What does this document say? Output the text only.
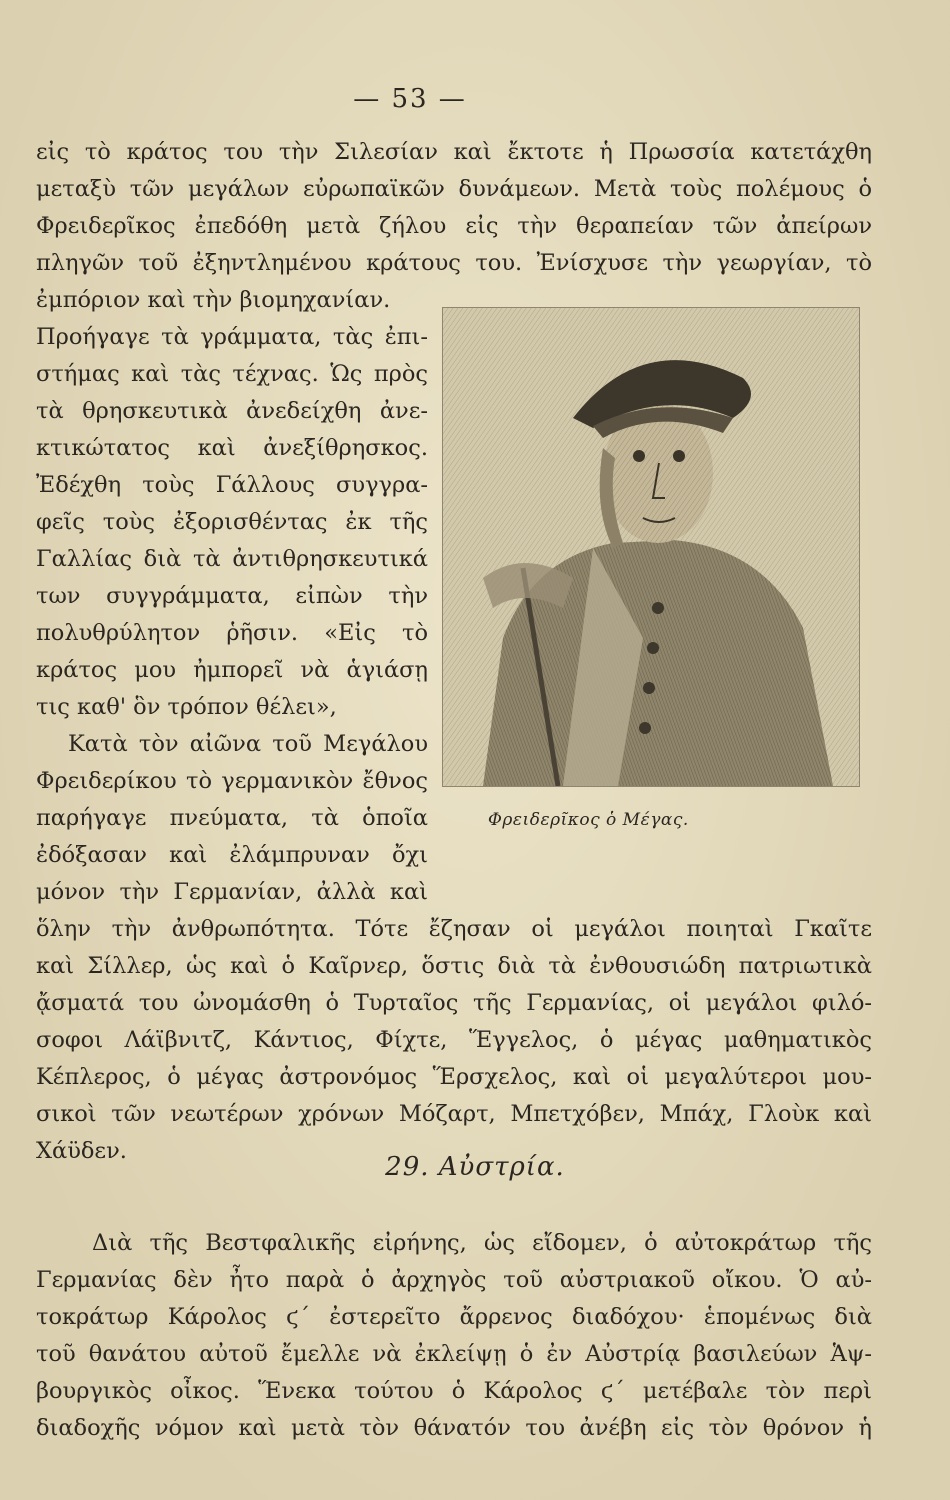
— 53 —
εἰς τὸ κράτος του τὴν Σιλεσίαν καὶ ἔκτοτε ἡ Πρωσσία κατετάχθη
μεταξὺ τῶν μεγάλων εὐρωπαϊκῶν δυνάμεων. Μετὰ τοὺς πολέμους ὁ
Φρειδερῖκος ἐπεδόθη μετὰ ζήλου εἰς τὴν θεραπείαν τῶν ἀπείρων
πληγῶν τοῦ ἐξηντλημένου κράτους του. Ἐνίσχυσε τὴν γεωργίαν, τὸ
ἐμπόριον καὶ τὴν βιομηχανίαν.
Προήγαγε τὰ γράμματα, τὰς ἐπι-
στήμας καὶ τὰς τέχνας. Ὡς πρὸς
τὰ θρησκευτικὰ ἀνεδείχθη ἀνε-
κτικώτατος καὶ ἀνεξίθρησκος.
Ἐδέχθη τοὺς Γάλλους συγγρα-
φεῖς τοὺς ἐξορισθέντας ἐκ τῆς
Γαλλίας διὰ τὰ ἀντιθρησκευτικά
των συγγράμματα, εἰπὼν τὴν
πολυθρύλητον ῥῆσιν. «Εἰς τὸ
κράτος μου ἠμπορεῖ νὰ ἁγιάσῃ
τις καθ' ὃν τρόπον θέλει»,
Κατὰ τὸν αἰῶνα τοῦ Μεγάλου
Φρειδερίκου τὸ γερμανικὸν ἔθνος
παρήγαγε πνεύματα, τὰ ὁποῖα
ἐδόξασαν καὶ ἐλάμπρυναν ὄχι
μόνον τὴν Γερμανίαν, ἀλλὰ καὶ
Φρειδερῖκος ὁ Μέγας.
ὅλην τὴν ἀνθρωπότητα. Τότε ἔζησαν οἱ μεγάλοι ποιηταὶ Γκαῖτε
καὶ Σίλλερ, ὡς καὶ ὁ Καῖρνερ, ὅστις διὰ τὰ ἐνθουσιώδη πατριωτικὰ
ᾄσματά του ὠνομάσθη ὁ Τυρταῖος τῆς Γερμανίας, οἱ μεγάλοι φιλό-
σοφοι Λάϊβνιτζ, Κάντιος, Φίχτε, Ἕγγελος, ὁ μέγας μαθηματικὸς
Κέπλερος, ὁ μέγας ἀστρονόμος Ἕρσχελος, καὶ οἱ μεγαλύτεροι μου-
σικοὶ τῶν νεωτέρων χρόνων Μόζαρτ, Μπετχόβεν, Μπάχ, Γλοὺκ καὶ
Χάϋδεν.
29. Αὐστρία.
Διὰ τῆς Βεστφαλικῆς εἰρήνης, ὡς εἴδομεν, ὁ αὐτοκράτωρ τῆς
Γερμανίας δὲν ἦτο παρὰ ὁ ἀρχηγὸς τοῦ αὐστριακοῦ οἴκου. Ὁ αὐ-
τοκράτωρ Κάρολος ϛ΄ ἐστερεῖτο ἄρρενος διαδόχου· ἑπομένως διὰ
τοῦ θανάτου αὐτοῦ ἔμελλε νὰ ἐκλείψῃ ὁ ἐν Αὐστρίᾳ βασιλεύων Ἁψ-
βουργικὸς οἶκος. Ἕνεκα τούτου ὁ Κάρολος ϛ΄ μετέβαλε τὸν περὶ
διαδοχῆς νόμον καὶ μετὰ τὸν θάνατόν του ἀνέβη εἰς τὸν θρόνον ἡ
